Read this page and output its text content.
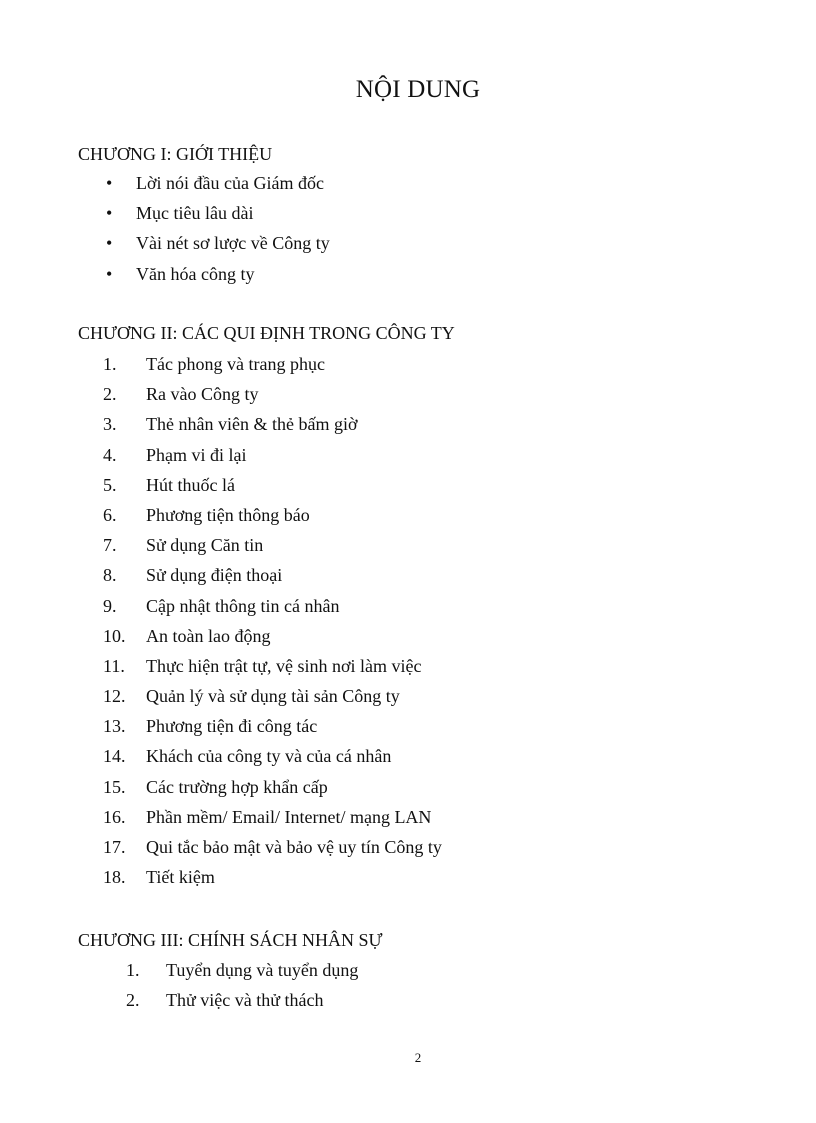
NỘI DUNG
CHƯƠNG I: GIỚI THIỆU
• Lời nói đầu của Giám đốc
• Mục tiêu lâu dài
• Vài nét sơ lược về Công ty
• Văn hóa công ty
CHƯƠNG II: CÁC QUI ĐỊNH TRONG CÔNG TY
1. Tác phong và trang phục
2. Ra vào Công ty
3. Thẻ nhân viên & thẻ bấm giờ
4. Phạm vi đi lại
5. Hút thuốc lá
6. Phương tiện thông báo
7. Sử dụng Căn tin
8. Sử dụng điện thoại
9. Cập nhật thông tin cá nhân
10. An toàn lao động
11. Thực hiện trật tự, vệ sinh nơi làm việc
12. Quản lý và sử dụng tài sản Công ty
13. Phương tiện đi công tác
14. Khách của công ty và của cá nhân
15. Các trường hợp khẩn cấp
16. Phần mềm/ Email/ Internet/ mạng LAN
17. Qui tắc bảo mật và bảo vệ uy tín Công ty
18. Tiết kiệm
CHƯƠNG III: CHÍNH SÁCH NHÂN SỰ
1. Tuyển dụng và tuyển dụng
2. Thử việc và thử thách
2
